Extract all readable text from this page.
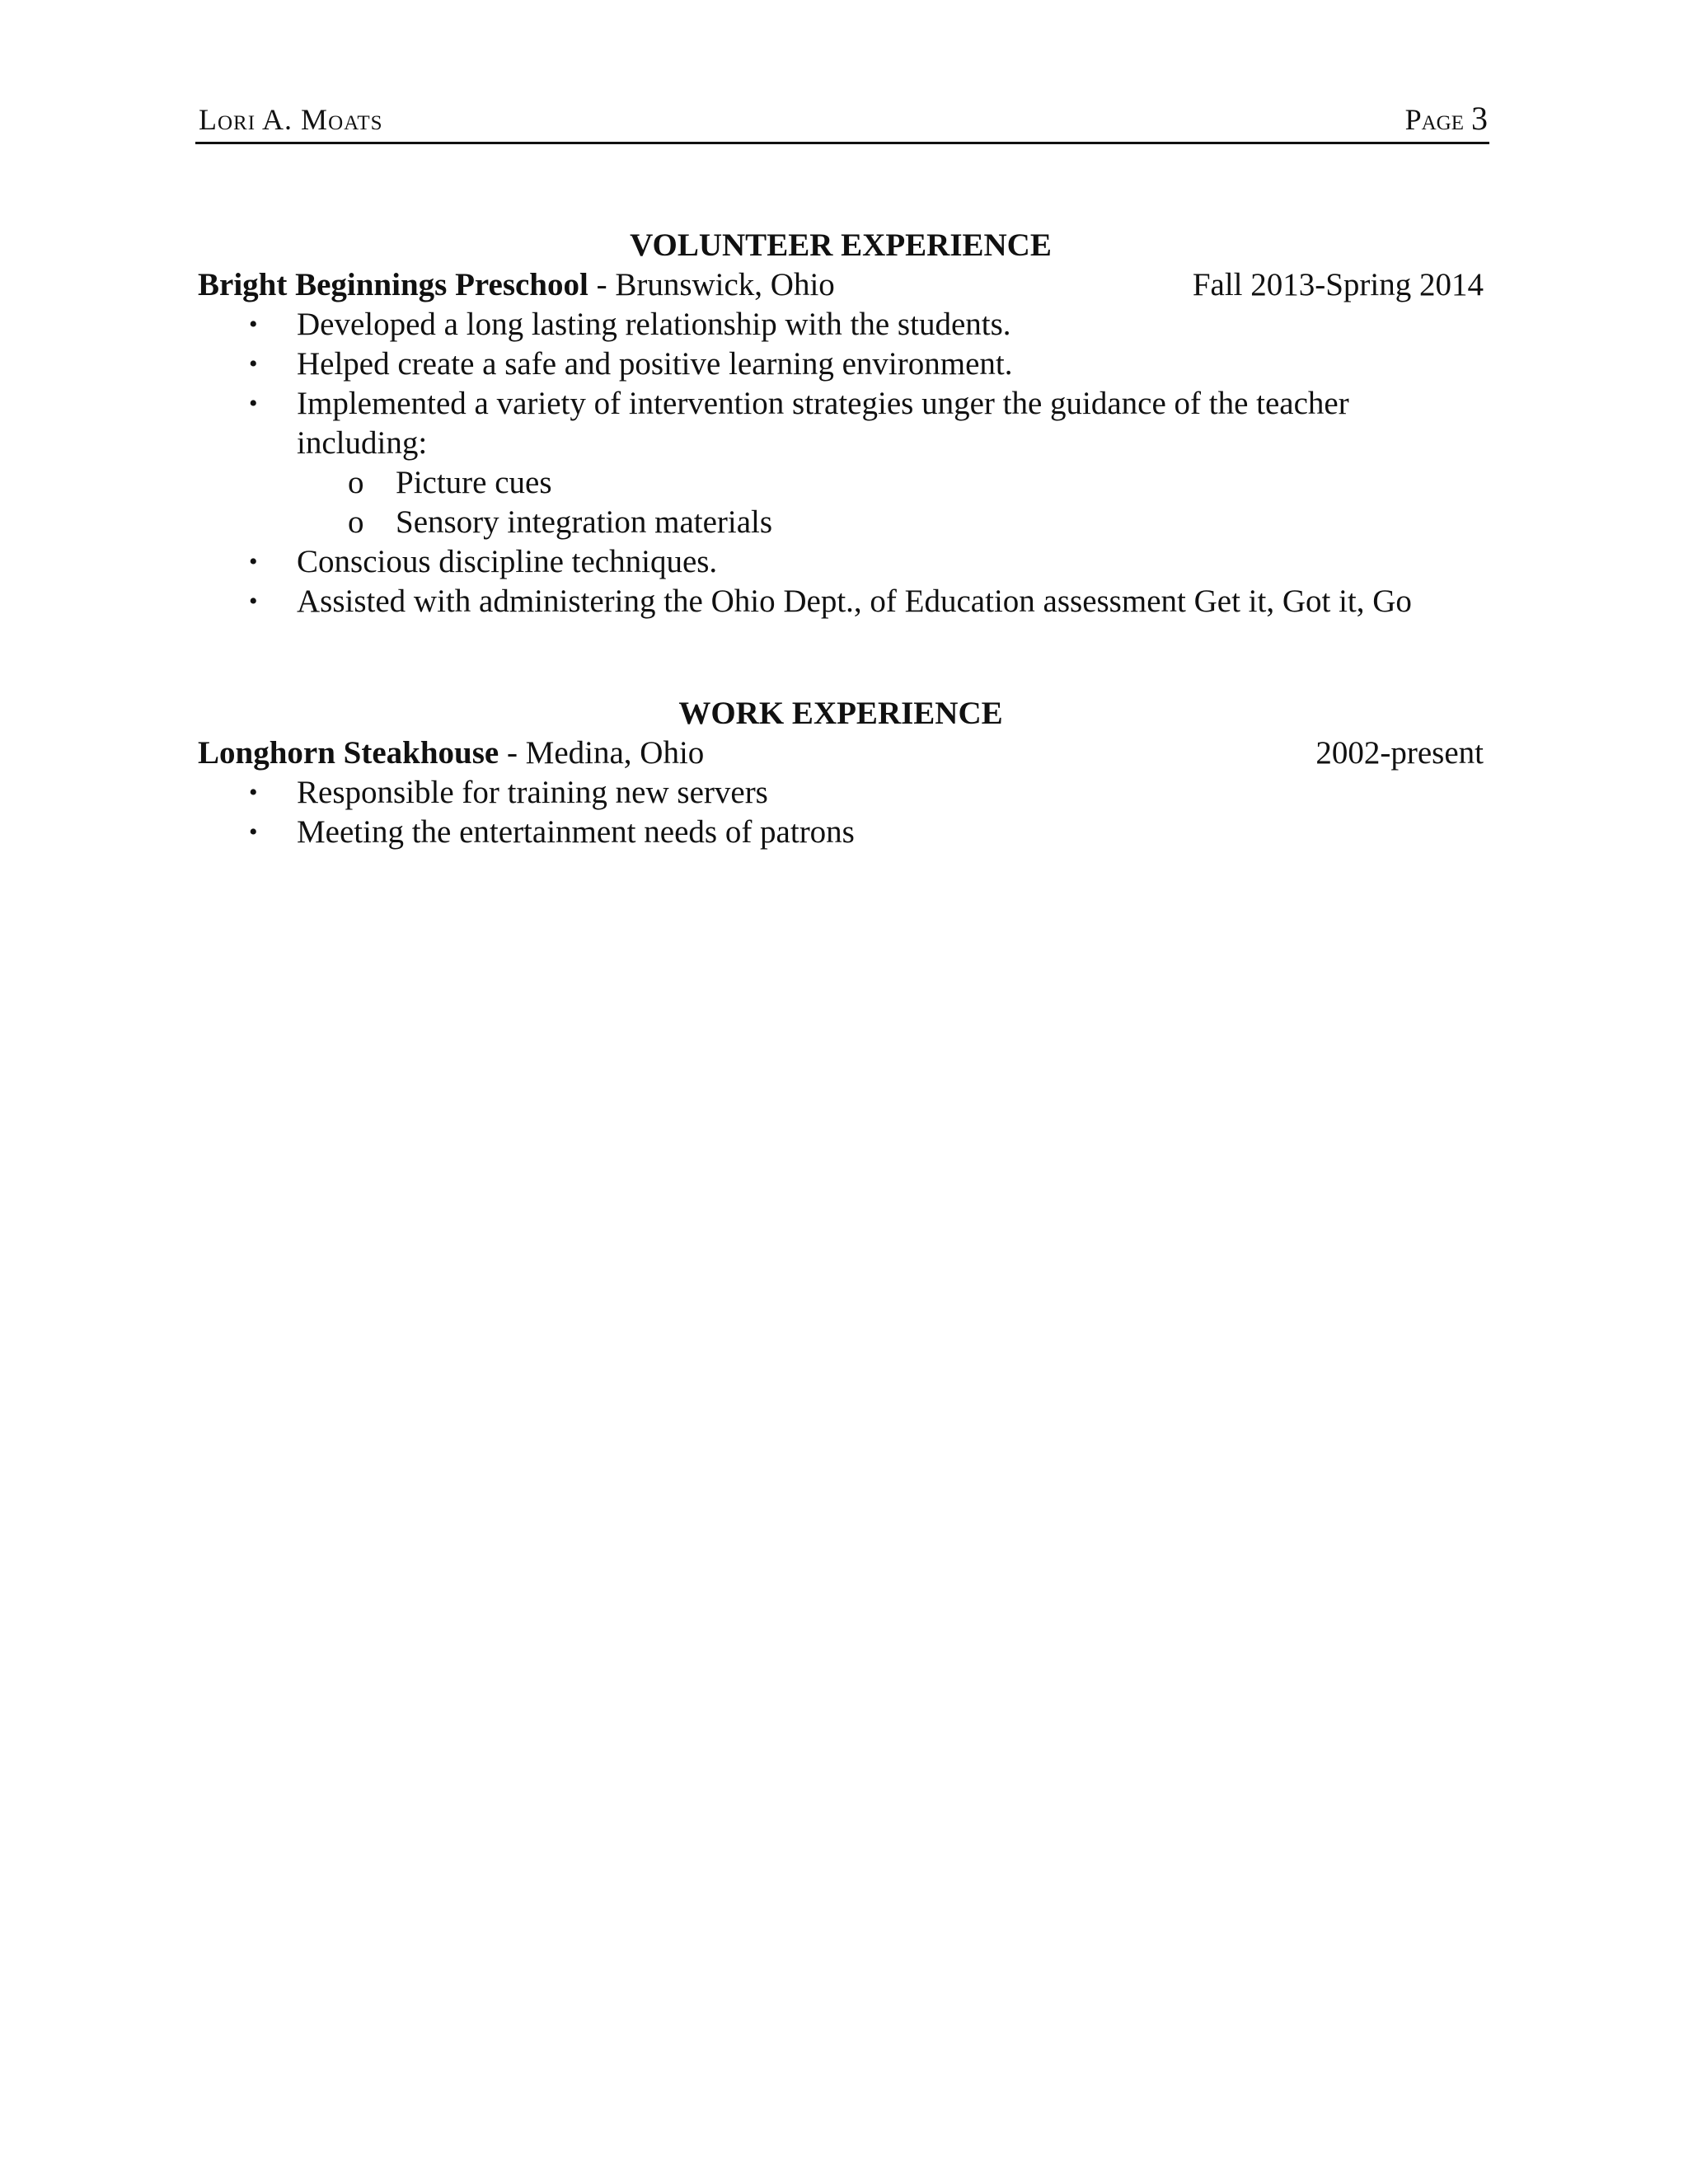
Lori A. Moats	Page 3
VOLUNTEER EXPERIENCE
Bright Beginnings Preschool - Brunswick, Ohio	Fall 2013-Spring 2014
• Developed a long lasting relationship with the students.
• Helped create a safe and positive learning environment.
• Implemented a variety of intervention strategies unger the guidance of the teacher including:
o Picture cues
o Sensory integration materials
• Conscious discipline techniques.
• Assisted with administering the Ohio Dept., of Education assessment Get it, Got it, Go
WORK EXPERIENCE
Longhorn Steakhouse - Medina, Ohio	2002-present
• Responsible for training new servers
• Meeting the entertainment needs of patrons
